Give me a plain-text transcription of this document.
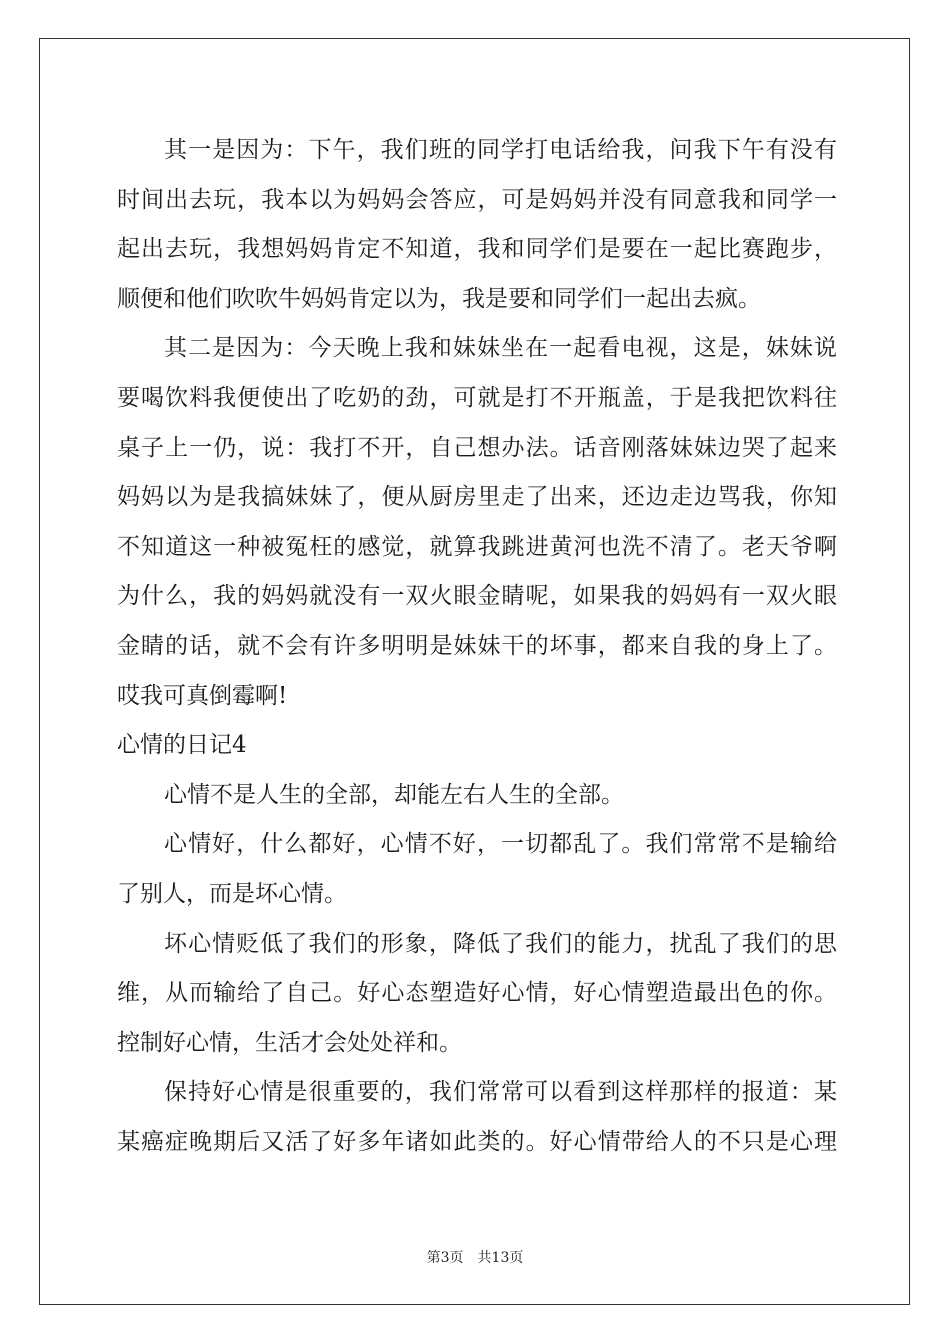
其一是因为：下午，我们班的同学打电话给我，问我下午有没有
时间出去玩，我本以为妈妈会答应，可是妈妈并没有同意我和同学一
起出去玩，我想妈妈肯定不知道，我和同学们是要在一起比赛跑步，
顺便和他们吹吹牛妈妈肯定以为，我是要和同学们一起出去疯。
其二是因为：今天晚上我和妹妹坐在一起看电视，这是，妹妹说
要喝饮料我便使出了吃奶的劲，可就是打不开瓶盖，于是我把饮料往
桌子上一仍，说：我打不开，自己想办法。话音刚落妹妹边哭了起来
妈妈以为是我搞妹妹了，便从厨房里走了出来，还边走边骂我，你知
不知道这一种被冤枉的感觉，就算我跳进黄河也洗不清了。老天爷啊
为什么，我的妈妈就没有一双火眼金睛呢，如果我的妈妈有一双火眼
金睛的话，就不会有许多明明是妹妹干的坏事，都来自我的身上了。
哎我可真倒霉啊!
心情的日记4
心情不是人生的全部，却能左右人生的全部。
心情好，什么都好，心情不好，一切都乱了。我们常常不是输给
了别人，而是坏心情。
坏心情贬低了我们的形象，降低了我们的能力，扰乱了我们的思
维，从而输给了自己。好心态塑造好心情，好心情塑造最出色的你。
控制好心情，生活才会处处祥和。
保持好心情是很重要的，我们常常可以看到这样那样的报道：某
某癌症晚期后又活了好多年诸如此类的。好心情带给人的不只是心理
第3页 共13页
